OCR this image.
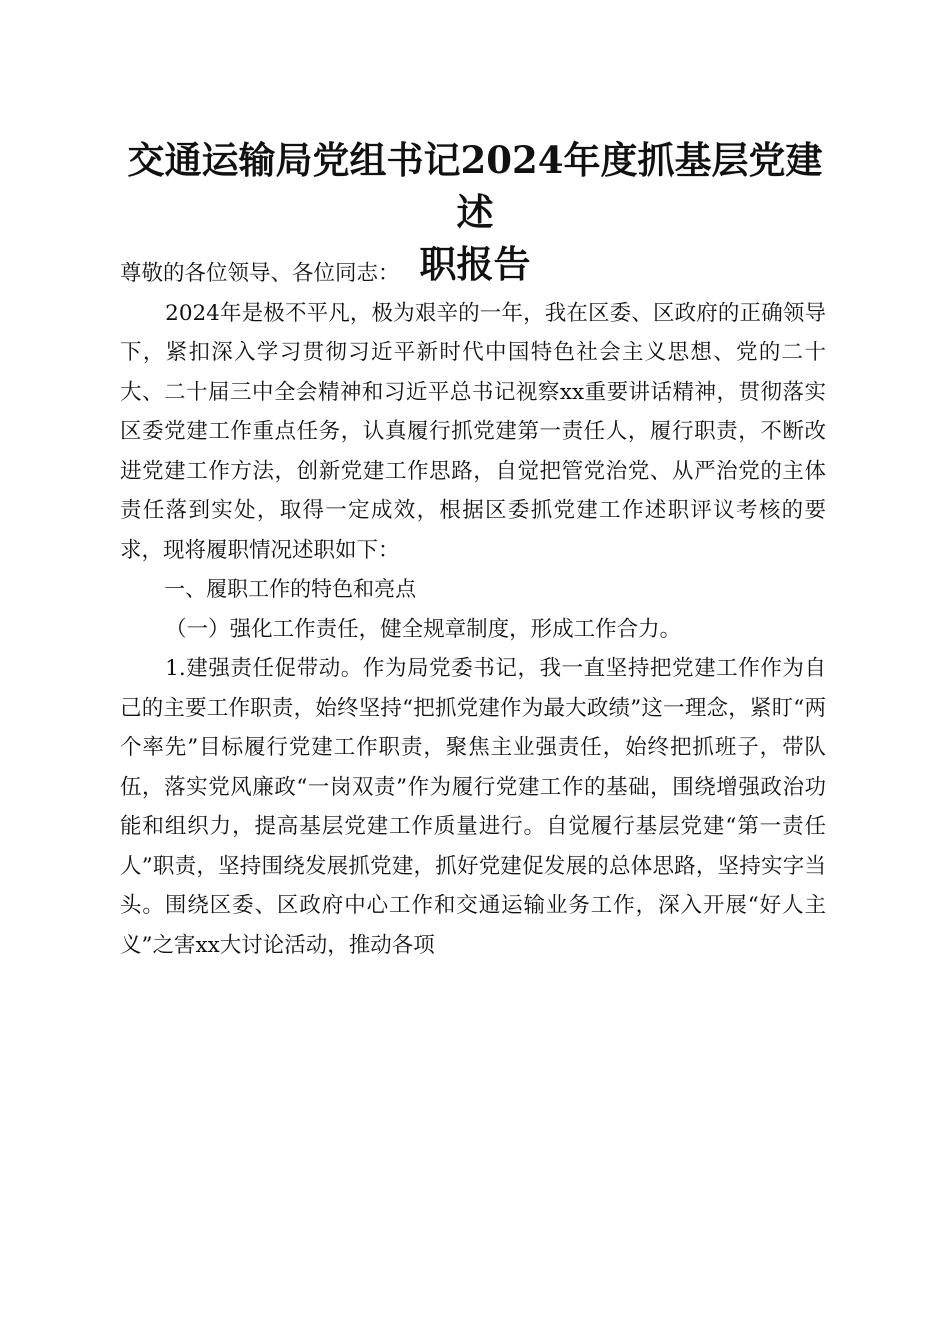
交通运输局党组书记2024年度抓基层党建述
职报告

尊敬的各位领导、各位同志：

2024年是极不平凡，极为艰辛的一年，我在区委、区政府的正确领导下，紧扣深入学习贯彻习近平新时代中国特色社会主义思想、党的二十大、二十届三中全会精神和习近平总书记视察xx重要讲话精神，贯彻落实区委党建工作重点任务，认真履行抓党建第一责任人，履行职责，不断改进党建工作方法，创新党建工作思路，自觉把管党治党、从严治党的主体责任落到实处，取得一定成效，根据区委抓党建工作述职评议考核的要求，现将履职情况述职如下：

一、履职工作的特色和亮点

（一）强化工作责任，健全规章制度，形成工作合力。

1.建强责任促带动。作为局党委书记，我一直坚持把党建工作作为自己的主要工作职责，始终坚持“把抓党建作为最大政绩”这一理念，紧盯“两个率先”目标履行党建工作职责，聚焦主业强责任，始终把抓班子，带队伍，落实党风廉政“一岗双责”作为履行党建工作的基础，围绕增强政治功能和组织力，提高基层党建工作质量进行。自觉履行基层党建“第一责任人”职责，坚持围绕发展抓党建，抓好党建促发展的总体思路，坚持实字当头。围绕区委、区政府中心工作和交通运输业务工作，深入开展“好人主义”之害xx大讨论活动，推动各项
